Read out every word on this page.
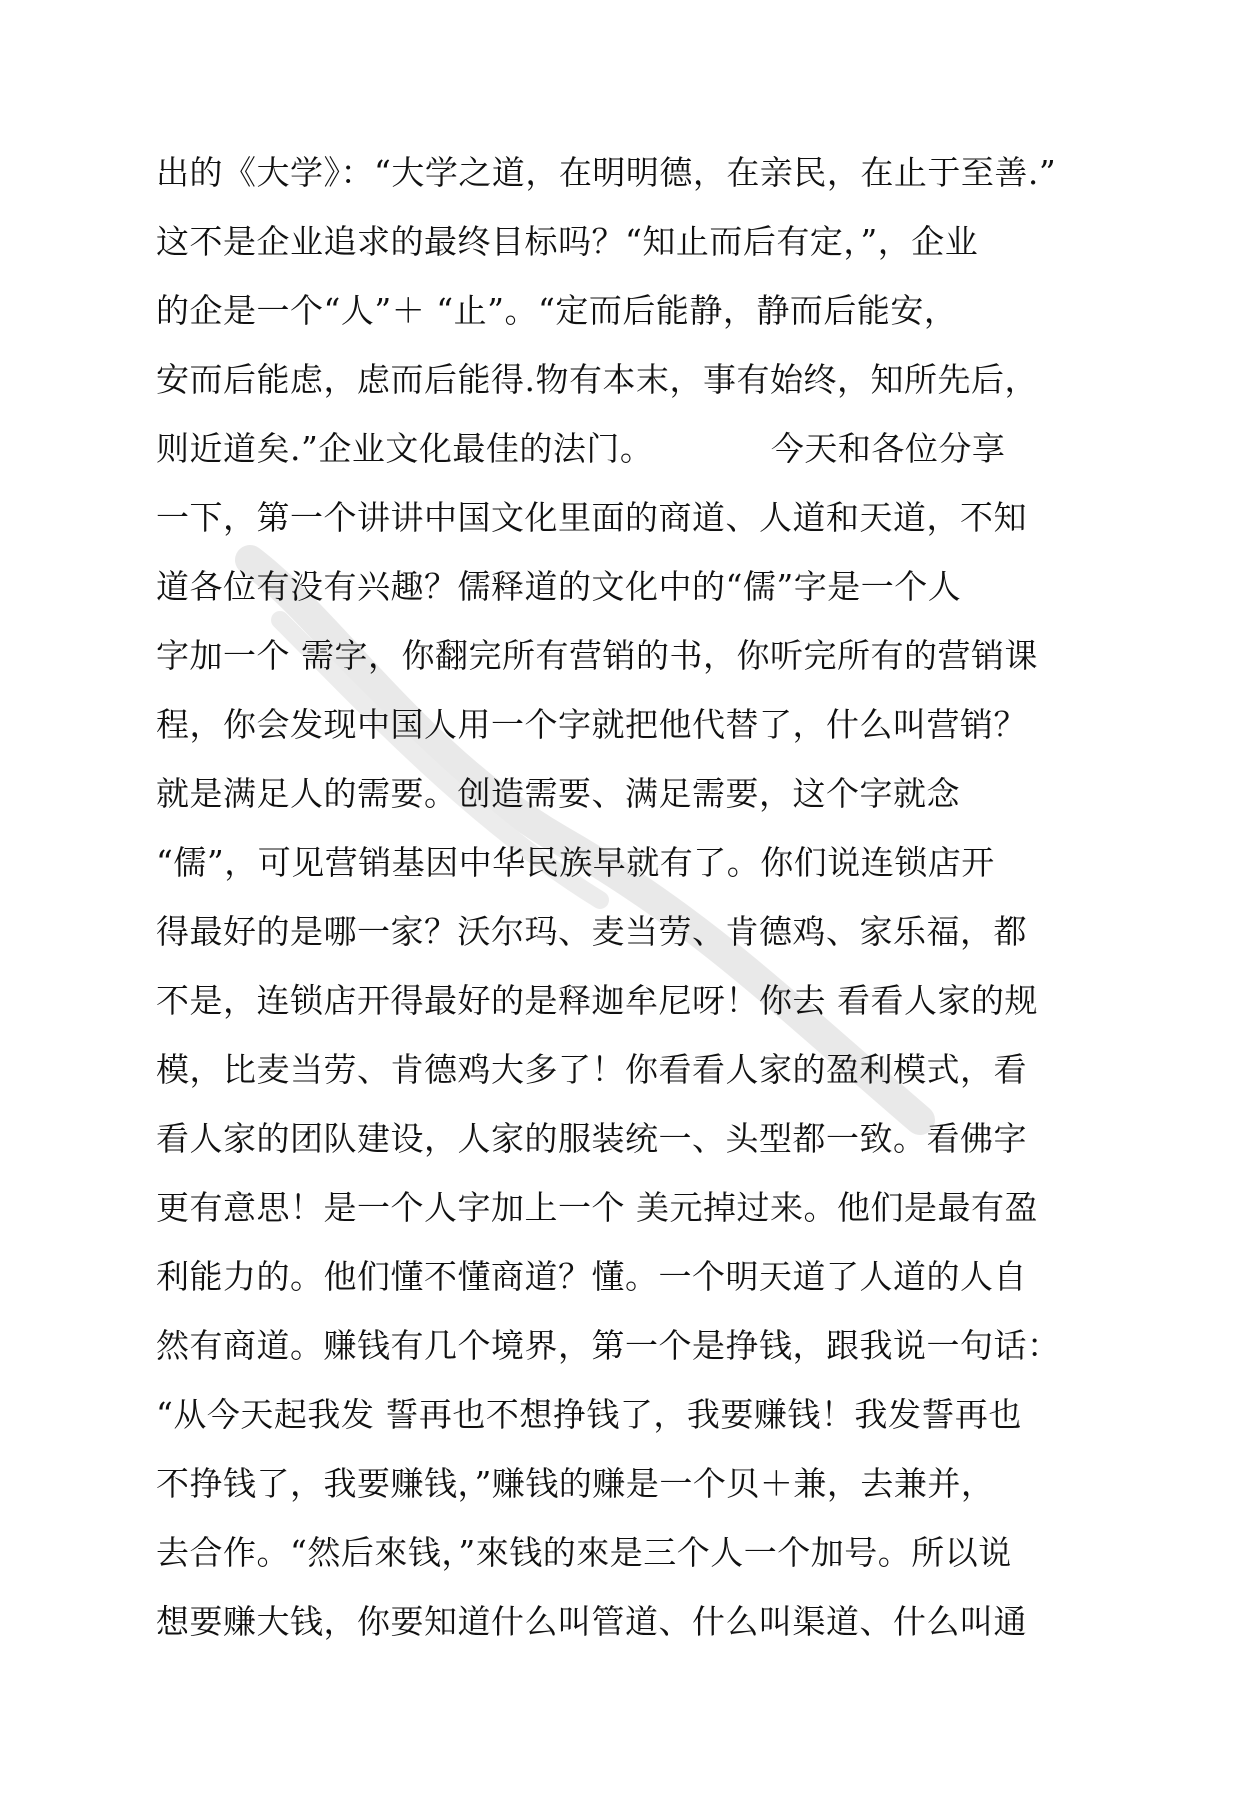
出的《大学》：“大学之道，在明明德，在亲民，在止于至善.”
这不是企业追求的最终目标吗？“知止而后有定，”，企业
的企是一个“人”＋ “止”。“定而后能静，静而后能安，
安而后能虑，虑而后能得.物有本末，事有始终，知所先后，
则近道矣.”企业文化最佳的法门。　　　　今天和各位分享
一下，第一个讲讲中国文化里面的商道、人道和天道，不知
道各位有没有兴趣？儒释道的文化中的“儒”字是一个人
字加一个 需字，你翻完所有营销的书，你听完所有的营销课
程，你会发现中国人用一个字就把他代替了，什么叫营销？
就是满足人的需要。创造需要、满足需要，这个字就念
“儒”，可见营销基因中华民族早就有了。你们说连锁店开
得最好的是哪一家？沃尔玛、麦当劳、肯德鸡、家乐福，都
不是，连锁店开得最好的是释迦牟尼呀！你去 看看人家的规
模，比麦当劳、肯德鸡大多了！你看看人家的盈利模式，看
看人家的团队建设，人家的服装统一、头型都一致。看佛字
更有意思！是一个人字加上一个 美元掉过来。他们是最有盈
利能力的。他们懂不懂商道？懂。一个明天道了人道的人自
然有商道。赚钱有几个境界，第一个是挣钱，跟我说一句话：
“从今天起我发 誓再也不想挣钱了，我要赚钱！我发誓再也
不挣钱了，我要赚钱，”赚钱的赚是一个贝＋兼，去兼并，
去合作。“然后來钱，”來钱的來是三个人一个加号。所以说
想要赚大钱，你要知道什么叫管道、什么叫渠道、什么叫通
